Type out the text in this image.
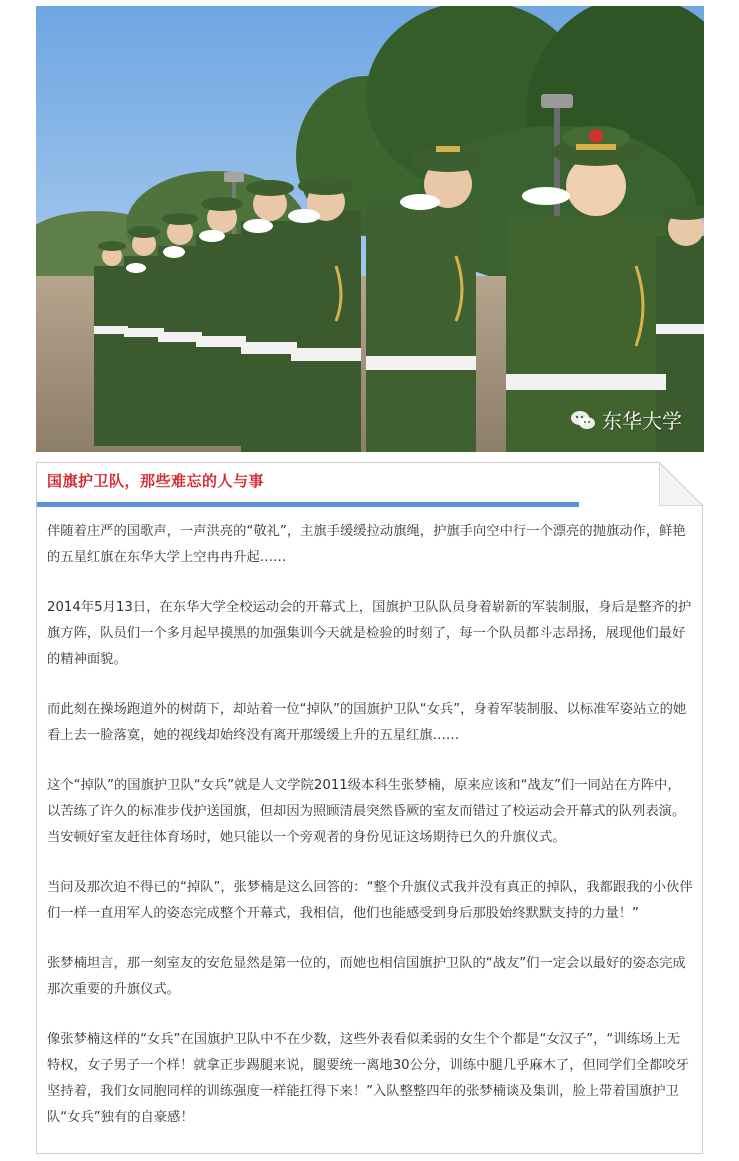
东华大学
国旗护卫队，那些难忘的人与事

伴随着庄严的国歌声，一声洪亮的“敬礼”，主旗手缓缓拉动旗绳，护旗手向空中行一个漂亮的抛旗动作，鲜艳的五星红旗在东华大学上空冉冉升起……

2014年5月13日，在东华大学全校运动会的开幕式上，国旗护卫队队员身着崭新的军装制服，身后是整齐的护旗方阵，队员们一个多月起早摸黑的加强集训今天就是检验的时刻了，每一个队员都斗志昂扬，展现他们最好的精神面貌。

而此刻在操场跑道外的树荫下，却站着一位“掉队”的国旗护卫队“女兵”，身着军装制服、以标准军姿站立的她看上去一脸落寞，她的视线却始终没有离开那缓缓上升的五星红旗……

这个“掉队”的国旗护卫队“女兵”就是人文学院2011级本科生张梦楠，原来应该和“战友”们一同站在方阵中，以苦练了许久的标准步伐护送国旗，但却因为照顾清晨突然昏厥的室友而错过了校运动会开幕式的队列表演。当安顿好室友赶往体育场时，她只能以一个旁观者的身份见证这场期待已久的升旗仪式。

当问及那次迫不得已的“掉队”，张梦楠是这么回答的：“整个升旗仪式我并没有真正的掉队，我都跟我的小伙伴们一样一直用军人的姿态完成整个开幕式，我相信，他们也能感受到身后那股始终默默支持的力量！”

张梦楠坦言，那一刻室友的安危显然是第一位的，而她也相信国旗护卫队的“战友”们一定会以最好的姿态完成那次重要的升旗仪式。

像张梦楠这样的“女兵”在国旗护卫队中不在少数，这些外表看似柔弱的女生个个都是“女汉子”，“训练场上无特权，女子男子一个样！就拿正步踢腿来说，腿要统一离地30公分，训练中腿几乎麻木了，但同学们全都咬牙坚持着，我们女同胞同样的训练强度一样能扛得下来！”入队整整四年的张梦楠谈及集训，脸上带着国旗护卫队“女兵”独有的自豪感！
